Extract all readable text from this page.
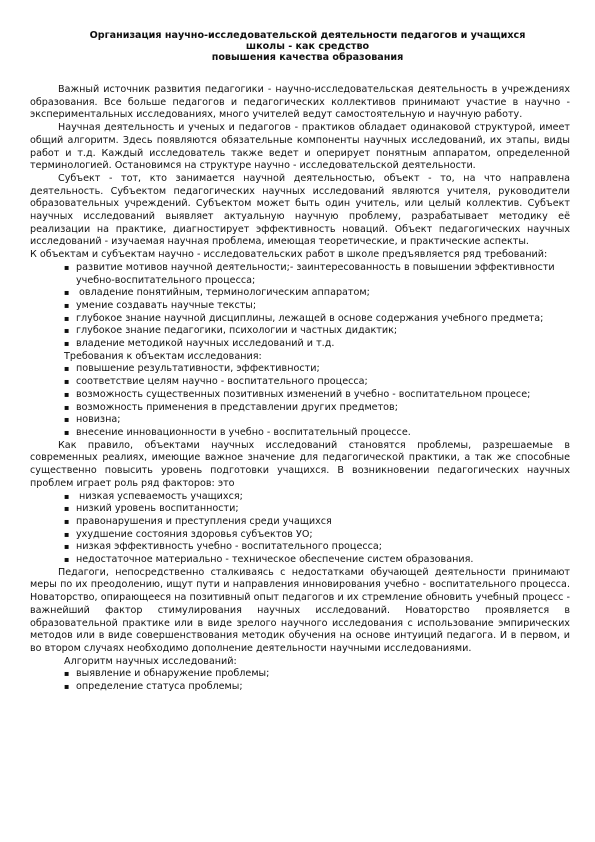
Организация научно-исследовательской деятельности педагогов и учащихся
школы - как средство
повышения качества образования

Важный источник развития педагогики - научно-исследовательская деятельность в учреждениях образования. Все больше педагогов и педагогических коллективов принимают участие в научно - экспериментальных исследованиях, много учителей ведут самостоятельную и научную работу.

Научная деятельность и ученых и педагогов - практиков обладает одинаковой структурой, имеет общий алгоритм. Здесь появляются обязательные компоненты научных исследований, их этапы, виды работ и т.д. Каждый исследователь также ведет и оперирует понятным аппаратом, определенной терминологией. Остановимся на структуре научно - исследовательской деятельности.

Субъект - тот, кто занимается научной деятельностью, объект - то, на что направлена деятельность. Субъектом педагогических научных исследований являются учителя, руководители образовательных учреждений. Субъектом может быть один учитель, или целый коллектив. Субъект научных исследований выявляет актуальную научную проблему, разрабатывает методику её реализации на практике, диагностирует эффективность новаций. Объект педагогических научных исследований - изучаемая научная проблема, имеющая теоретические, и практические аспекты.

К объектам и субъектам научно - исследовательских работ в школе предъявляется ряд требований:

▪ развитие мотивов научной деятельности;- заинтересованность в повышении эффективности учебно-воспитательного процесса;

▪ овладение понятийным, терминологическим аппаратом;

▪ умение создавать научные тексты;

▪ глубокое знание научной дисциплины, лежащей в основе содержания учебного предмета;

▪ глубокое знание педагогики, психологии и частных дидактик;

▪ владение методикой научных исследований и т.д.

Требования к объектам исследования:

▪ повышение результативности, эффективности;

▪ соответствие целям научно - воспитательного процесса;

▪ возможность существенных позитивных изменений в учебно - воспитательном процесе;

▪ возможность применения в представлении других предметов;

▪ новизна;

▪ внесение инновационности в учебно - воспитательный процессе.

Как правило, объектами научных исследований становятся проблемы, разрешаемые в современных реалиях, имеющие важное значение для педагогической практики, а так же способные существенно повысить уровень подготовки учащихся. В возникновении педагогических научных проблем играет роль ряд факторов: это

▪ низкая успеваемость учащихся;

▪ низкий уровень воспитанности;

▪ правонарушения и преступления среди учащихся

▪ ухудшение состояния здоровья субъектов УО;

▪ низкая эффективность учебно - воспитательного процесса;

▪ недостаточное материально - техническое обеспечение систем образования.

Педагоги, непосредственно сталкиваясь с недостатками обучающей деятельности принимают меры по их преодолению, ищут пути и направления инновирования учебно - воспитательного процесса. Новаторство, опирающееся на позитивный опыт педагогов и их стремление обновить учебный процесс - важнейший фактор стимулирования научных исследований. Новаторство проявляется в образовательной практике или в виде зрелого научного исследования с использование эмпирических методов или в виде совершенствования методик обучения на основе интуиций педагога. И в первом, и во втором случаях необходимо дополнение деятельности научными исследованиями.

Алгоритм научных исследований:

▪ выявление и обнаружение проблемы;

▪ определение статуса проблемы;
